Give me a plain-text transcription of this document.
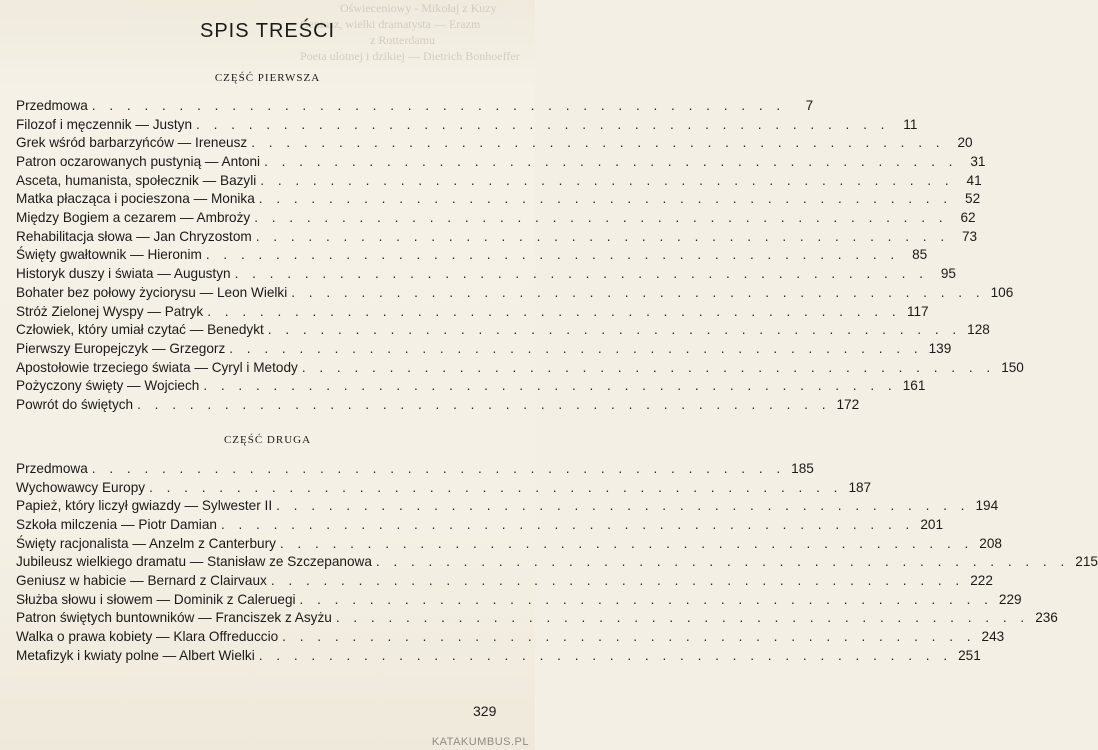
Oświeceniowy - Mikołaj z Kuzy
Geniusz, wielki dramatysta — Erazm
z Rotterdamu
Poeta ulotnej i dzikiej — Dietrich Bonhoeffer
SPIS TREŚCI
CZĘŚĆ PIERWSZA
Przedmowa . . . . . . . . . . . . . . . . . . . . . . . . . . . . . . . . . . . . . . . .	7
Filozof i męczennik — Justyn . . . . . . . . . . . . . . . . . . . . . . . . . . . . . . . . . . . . . . . .	11
Grek wśród barbarzyńców — Ireneusz . . . . . . . . . . . . . . . . . . . . . . . . . . . . . . . . . . . . . . . . 20
Patron oczarowanych pustynią — Antoni . . . . . . . . . . . . . . . . . . . . . . . . . . . . . . . . . . . . . . . . 31
Asceta, humanista, społecznik — Bazyli . . . . . . . . . . . . . . . . . . . . . . . . . . . . . . . . . . . . . . . . 41
Matka płacząca i pocieszona — Monika . . . . . . . . . . . . . . . . . . . . . . . . . . . . . . . . . . . . . . . . 52
Między Bogiem a cezarem — Ambroży . . . . . . . . . . . . . . . . . . . . . . . . . . . . . . . . . . . . . . . . 62
Rehabilitacja słowa — Jan Chryzostom . . . . . . . . . . . . . . . . . . . . . . . . . . . . . . . . . . . . . . . . 73
Święty gwałtownik — Hieronim . . . . . . . . . . . . . . . . . . . . . . . . . . . . . . . . . . . . . . . . 85
Historyk duszy i świata — Augustyn . . . . . . . . . . . . . . . . . . . . . . . . . . . . . . . . . . . . . . . . 95
Bohater bez połowy życiorysu — Leon Wielki . . . . . . . . . . . . . . . . . . . . . . . . . . . . . . . . . . . . . . . . 106
Stróż Zielonej Wyspy — Patryk . . . . . . . . . . . . . . . . . . . . . . . . . . . . . . . . . . . . . . . . 117
Człowiek, który umiał czytać — Benedykt . . . . . . . . . . . . . . . . . . . . . . . . . . . . . . . . . . . . . . . . 128
Pierwszy Europejczyk — Grzegorz . . . . . . . . . . . . . . . . . . . . . . . . . . . . . . . . . . . . . . . . 139
Apostołowie trzeciego świata — Cyryl i Metody . . . . . . . . . . . . . . . . . . . . . . . . . . . . . . . . . . . . . . . . 150
Pożyczony święty — Wojciech . . . . . . . . . . . . . . . . . . . . . . . . . . . . . . . . . . . . . . . . 161
Powrót do świętych . . . . . . . . . . . . . . . . . . . . . . . . . . . . . . . . . . . . . . . . 172
CZĘŚĆ DRUGA
Przedmowa . . . . . . . . . . . . . . . . . . . . . . . . . . . . . . . . . . . . . . . . 185
Wychowawcy Europy . . . . . . . . . . . . . . . . . . . . . . . . . . . . . . . . . . . . . . . . 187
Papież, który liczył gwiazdy — Sylwester II . . . . . . . . . . . . . . . . . . . . . . . . . . . . . . . . . . . . . . . . 194
Szkoła milczenia — Piotr Damian . . . . . . . . . . . . . . . . . . . . . . . . . . . . . . . . . . . . . . . . 201
Święty racjonalista — Anzelm z Canterbury . . . . . . . . . . . . . . . . . . . . . . . . . . . . . . . . . . . . . . . . 208
Jubileusz wielkiego dramatu — Stanisław ze Szczepanowa . . . . . . . . . . . . . . . . . . . . . . . . . . . . . . . . . . . . . . . . 215
Geniusz w habicie — Bernard z Clairvaux . . . . . . . . . . . . . . . . . . . . . . . . . . . . . . . . . . . . . . . . 222
Służba słowu i słowem — Dominik z Caleruegi . . . . . . . . . . . . . . . . . . . . . . . . . . . . . . . . . . . . . . . . 229
Patron świętych buntowników — Franciszek z Asyżu . . . . . . . . . . . . . . . . . . . . . . . . . . . . . . . . . . . . . . . . 236
Walka o prawa kobiety — Klara Offreduccio . . . . . . . . . . . . . . . . . . . . . . . . . . . . . . . . . . . . . . . . 243
Metafizyk i kwiaty polne — Albert Wielki . . . . . . . . . . . . . . . . . . . . . . . . . . . . . . . . . . . . . . . . 251
329
KATAKUMBUS.PL
